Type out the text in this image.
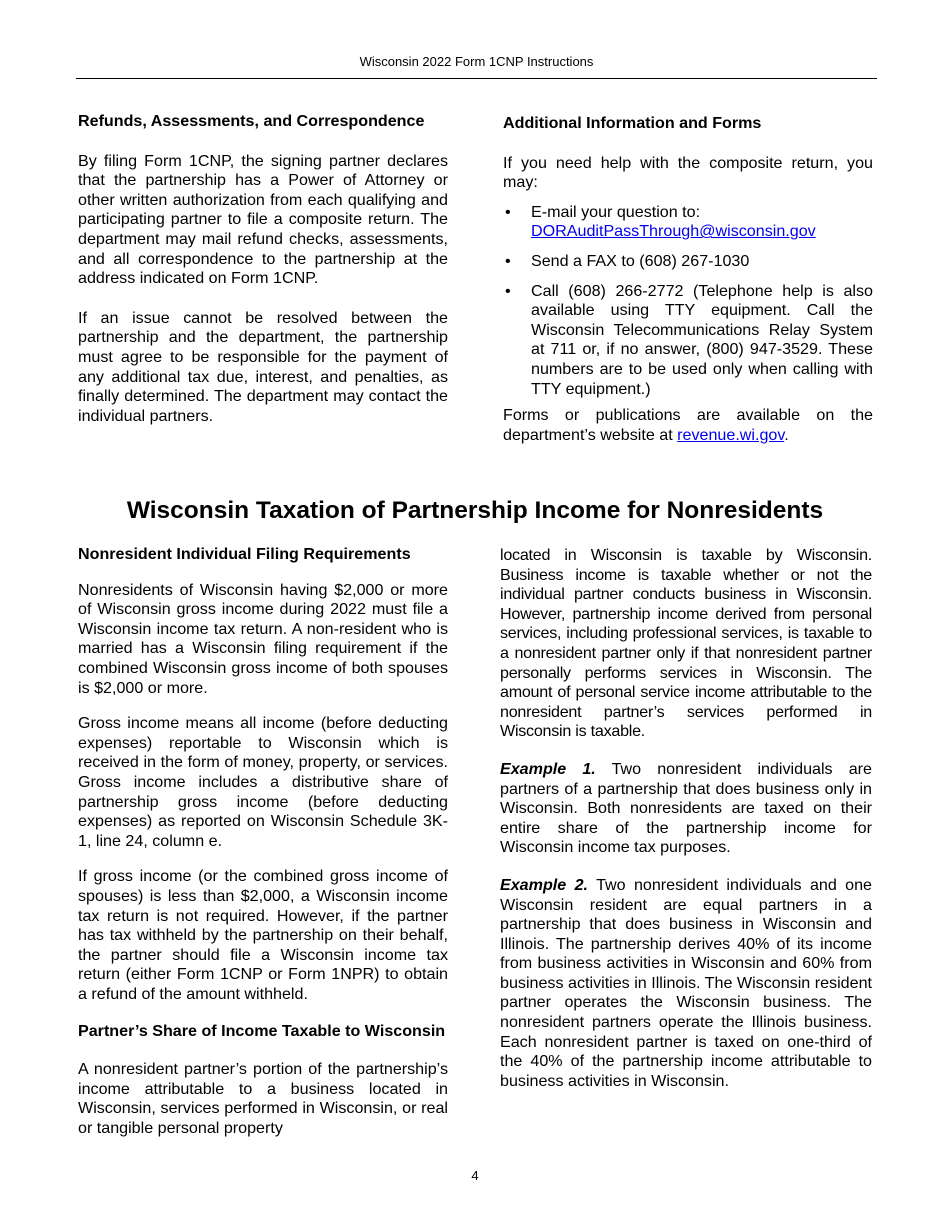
Wisconsin 2022 Form 1CNP Instructions
Refunds, Assessments, and Correspondence

By filing Form 1CNP, the signing partner declares that the partnership has a Power of Attorney or other written authorization from each qualifying and participating partner to file a composite return. The department may mail refund checks, assessments, and all correspondence to the partnership at the address indicated on Form 1CNP.

If an issue cannot be resolved between the partnership and the department, the partnership must agree to be responsible for the payment of any additional tax due, interest, and penalties, as finally determined. The department may contact the individual partners.

Additional Information and Forms

If you need help with the composite return, you may:

• E-mail your question to:
DORAuditPassThrough@wisconsin.gov
• Send a FAX to (608) 267-1030
• Call (608) 266-2772 (Telephone help is also available using TTY equipment. Call the Wisconsin Telecommunications Relay System at 711 or, if no answer, (800) 947-3529. These numbers are to be used only when calling with TTY equipment.)

Forms or publications are available on the department’s website at revenue.wi.gov.

Wisconsin Taxation of Partnership Income for Nonresidents
Nonresident Individual Filing Requirements

Nonresidents of Wisconsin having $2,000 or more of Wisconsin gross income during 2022 must file a Wisconsin income tax return. A non-resident who is married has a Wisconsin filing requirement if the combined Wisconsin gross income of both spouses is $2,000 or more.

Gross income means all income (before deducting expenses) reportable to Wisconsin which is received in the form of money, property, or services. Gross income includes a distributive share of partnership gross income (before deducting expenses) as reported on Wisconsin Schedule 3K-1, line 24, column e.

If gross income (or the combined gross income of spouses) is less than $2,000, a Wisconsin income tax return is not required. However, if the partner has tax withheld by the partnership on their behalf, the partner should file a Wisconsin income tax return (either Form 1CNP or Form 1NPR) to obtain a refund of the amount withheld.

Partner’s Share of Income Taxable to Wisconsin

A nonresident partner’s portion of the partnership’s income attributable to a business located in Wisconsin, services performed in Wisconsin, or real or tangible personal property

located in Wisconsin is taxable by Wisconsin. Business income is taxable whether or not the individual partner conducts business in Wisconsin. However, partnership income derived from personal services, including professional services, is taxable to a nonresident partner only if that nonresident partner personally performs services in Wisconsin. The amount of personal service income attributable to the nonresident partner’s services performed in Wisconsin is taxable.

Example 1. Two nonresident individuals are partners of a partnership that does business only in Wisconsin. Both nonresidents are taxed on their entire share of the partnership income for Wisconsin income tax purposes.

Example 2. Two nonresident individuals and one Wisconsin resident are equal partners in a partnership that does business in Wisconsin and Illinois. The partnership derives 40% of its income from business activities in Wisconsin and 60% from business activities in Illinois. The Wisconsin resident partner operates the Wisconsin business. The nonresident partners operate the Illinois business. Each nonresident partner is taxed on one-third of the 40% of the partnership income attributable to business activities in Wisconsin.

4
